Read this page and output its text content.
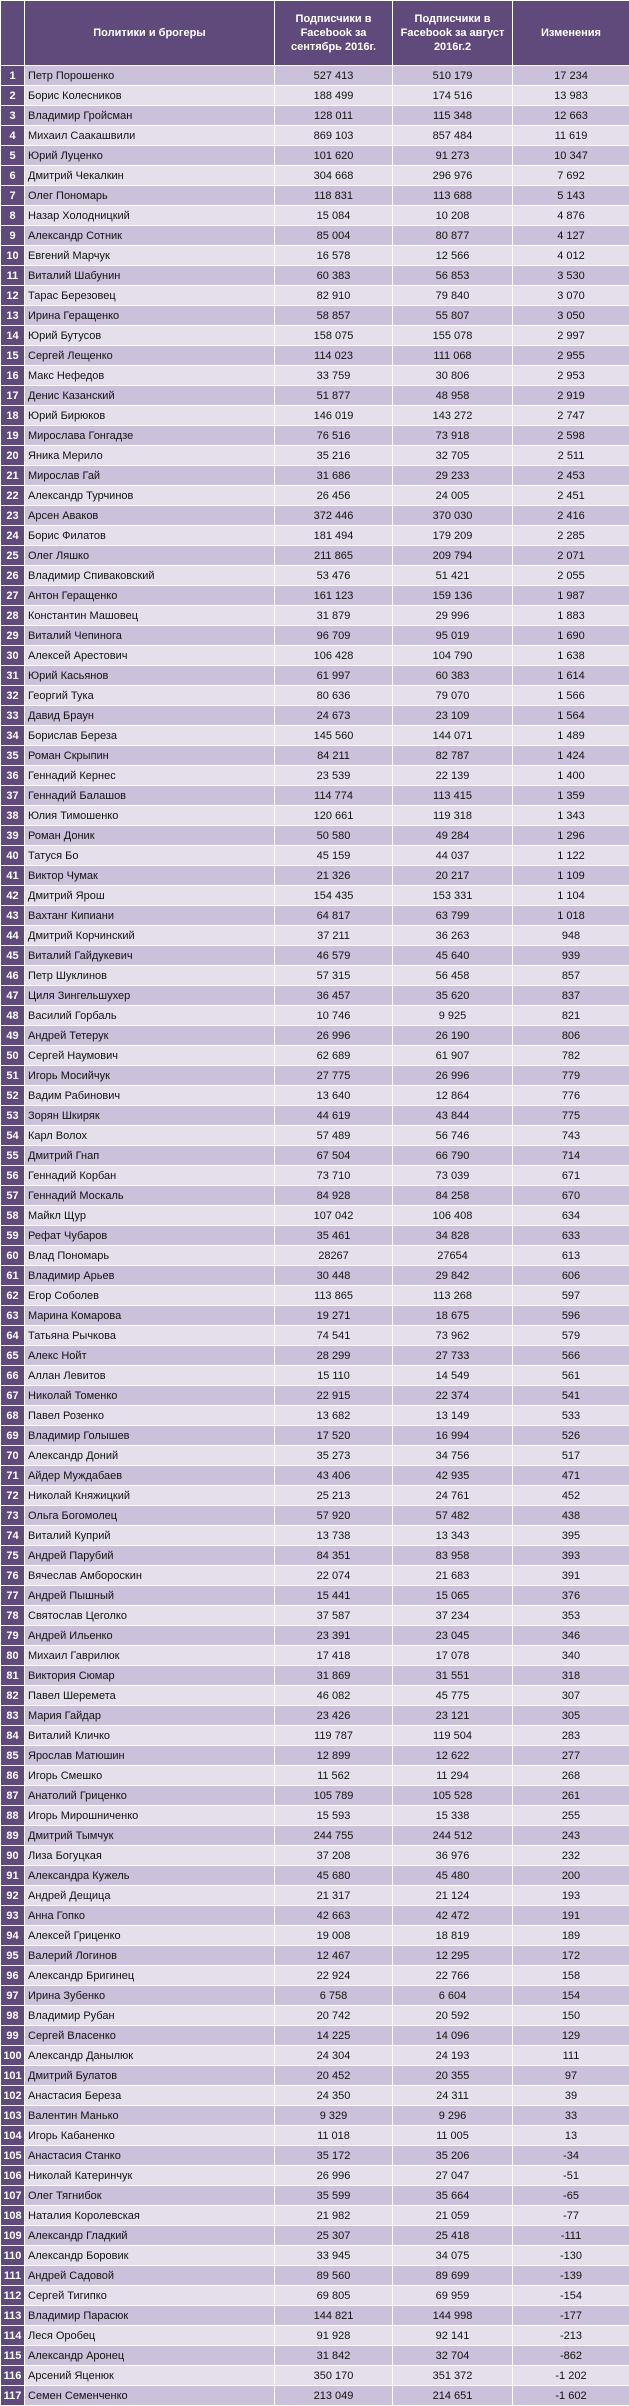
	Политики и брогеры	Подписчики в Facebook за сентябрь 2016г.	Подписчики в Facebook за август 2016г.2	Изменения
1	Петр Порошенко	527 413	510 179	17 234
2	Борис Колесников	188 499	174 516	13 983
3	Владимир Гройсман	128 011	115 348	12 663
4	Михаил Саакашвили	869 103	857 484	11 619
5	Юрий Луценко	101 620	91 273	10 347
6	Дмитрий Чекалкин	304 668	296 976	7 692
7	Олег Пономарь	118 831	113 688	5 143
8	Назар Холодницкий	15 084	10 208	4 876
9	Александр Сотник	85 004	80 877	4 127
10	Евгений Марчук	16 578	12 566	4 012
11	Виталий Шабунин	60 383	56 853	3 530
12	Тарас Березовец	82 910	79 840	3 070
13	Ирина Геращенко	58 857	55 807	3 050
14	Юрий Бутусов	158 075	155 078	2 997
15	Сергей Лещенко	114 023	111 068	2 955
16	Макс Нефедов	33 759	30 806	2 953
17	Денис Казанский	51 877	48 958	2 919
18	Юрий Бирюков	146 019	143 272	2 747
19	Мирослава Гонгадзе	76 516	73 918	2 598
20	Яника Мерило	35 216	32 705	2 511
21	Мирослав Гай	31 686	29 233	2 453
22	Александр Турчинов	26 456	24 005	2 451
23	Арсен Аваков	372 446	370 030	2 416
24	Борис Филатов	181 494	179 209	2 285
25	Олег Ляшко	211 865	209 794	2 071
26	Владимир Спиваковский	53 476	51 421	2 055
27	Антон Геращенко	161 123	159 136	1 987
28	Константин Машовец	31 879	29 996	1 883
29	Виталий Чепинога	96 709	95 019	1 690
30	Алексей Арестович	106 428	104 790	1 638
31	Юрий Касьянов	61 997	60 383	1 614
32	Георгий Тука	80 636	79 070	1 566
33	Давид Браун	24 673	23 109	1 564
34	Борислав Береза	145 560	144 071	1 489
35	Роман Скрыпин	84 211	82 787	1 424
36	Геннадий Кернес	23 539	22 139	1 400
37	Геннадий Балашов	114 774	113 415	1 359
38	Юлия Тимошенко	120 661	119 318	1 343
39	Роман Доник	50 580	49 284	1 296
40	Татуся Бо	45 159	44 037	1 122
41	Виктор Чумак	21 326	20 217	1 109
42	Дмитрий Ярош	154 435	153 331	1 104
43	Вахтанг Кипиани	64 817	63 799	1 018
44	Дмитрий Корчинский	37 211	36 263	948
45	Виталий Гайдукевич	46 579	45 640	939
46	Петр Шуклинов	57 315	56 458	857
47	Циля Зингельшухер	36 457	35 620	837
48	Василий Горбаль	10 746	9 925	821
49	Андрей Тетерук	26 996	26 190	806
50	Сергей Наумович	62 689	61 907	782
51	Игорь Мосийчук	27 775	26 996	779
52	Вадим Рабинович	13 640	12 864	776
53	Зорян Шкиряк	44 619	43 844	775
54	Карл Волох	57 489	56 746	743
55	Дмитрий Гнап	67 504	66 790	714
56	Геннадий Корбан	73 710	73 039	671
57	Геннадий Москаль	84 928	84 258	670
58	Майкл Щур	107 042	106 408	634
59	Рефат Чубаров	35 461	34 828	633
60	Влад Пономарь	28267	27654	613
61	Владимир Арьев	30 448	29 842	606
62	Егор Соболев	113 865	113 268	597
63	Марина Комарова	19 271	18 675	596
64	Татьяна Рычкова	74 541	73 962	579
65	Алекс Нойт	28 299	27 733	566
66	Аллан Левитов	15 110	14 549	561
67	Николай Томенко	22 915	22 374	541
68	Павел Розенко	13 682	13 149	533
69	Владимир Голышев	17 520	16 994	526
70	Александр Доний	35 273	34 756	517
71	Айдер Муждабаев	43 406	42 935	471
72	Николай Княжицкий	25 213	24 761	452
73	Ольга Богомолец	57 920	57 482	438
74	Виталий Куприй	13 738	13 343	395
75	Андрей Парубий	84 351	83 958	393
76	Вячеслав Амбороскин	22 074	21 683	391
77	Андрей Пышный	15 441	15 065	376
78	Святослав Цеголко	37 587	37 234	353
79	Андрей Ильенко	23 391	23 045	346
80	Михаил Гаврилюк	17 418	17 078	340
81	Виктория Сюмар	31 869	31 551	318
82	Павел Шеремета	46 082	45 775	307
83	Мария Гайдар	23 426	23 121	305
84	Виталий Кличко	119 787	119 504	283
85	Ярослав Матюшин	12 899	12 622	277
86	Игорь Смешко	11 562	11 294	268
87	Анатолий Гриценко	105 789	105 528	261
88	Игорь Мирошниченко	15 593	15 338	255
89	Дмитрий Тымчук	244 755	244 512	243
90	Лиза Богуцкая	37 208	36 976	232
91	Александра Кужель	45 680	45 480	200
92	Андрей Дещица	21 317	21 124	193
93	Анна Гопко	42 663	42 472	191
94	Алексей Гриценко	19 008	18 819	189
95	Валерий Логинов	12 467	12 295	172
96	Александр Бригинец	22 924	22 766	158
97	Ирина Зубенко	6 758	6 604	154
98	Владимир Рубан	20 742	20 592	150
99	Сергей Власенко	14 225	14 096	129
100	Александр Данылюк	24 304	24 193	111
101	Дмитрий Булатов	20 452	20 355	97
102	Анастасия Береза	24 350	24 311	39
103	Валентин Манько	9 329	9 296	33
104	Игорь Кабаненко	11 018	11 005	13
105	Анастасия Станко	35 172	35 206	-34
106	Николай Катеринчук	26 996	27 047	-51
107	Олег Тягнибок	35 599	35 664	-65
108	Наталия Королевская	21 982	21 059	-77
109	Александр Гладкий	25 307	25 418	-111
110	Александр Боровик	33 945	34 075	-130
111	Андрей Садовой	89 560	89 699	-139
112	Сергей Тигипко	69 805	69 959	-154
113	Владимир Парасюк	144 821	144 998	-177
114	Леся Оробец	91 928	92 141	-213
115	Александр Аронец	31 842	32 704	-862
116	Арсений Яценюк	350 170	351 372	-1 202
117	Семен Семенченко	213 049	214 651	-1 602
